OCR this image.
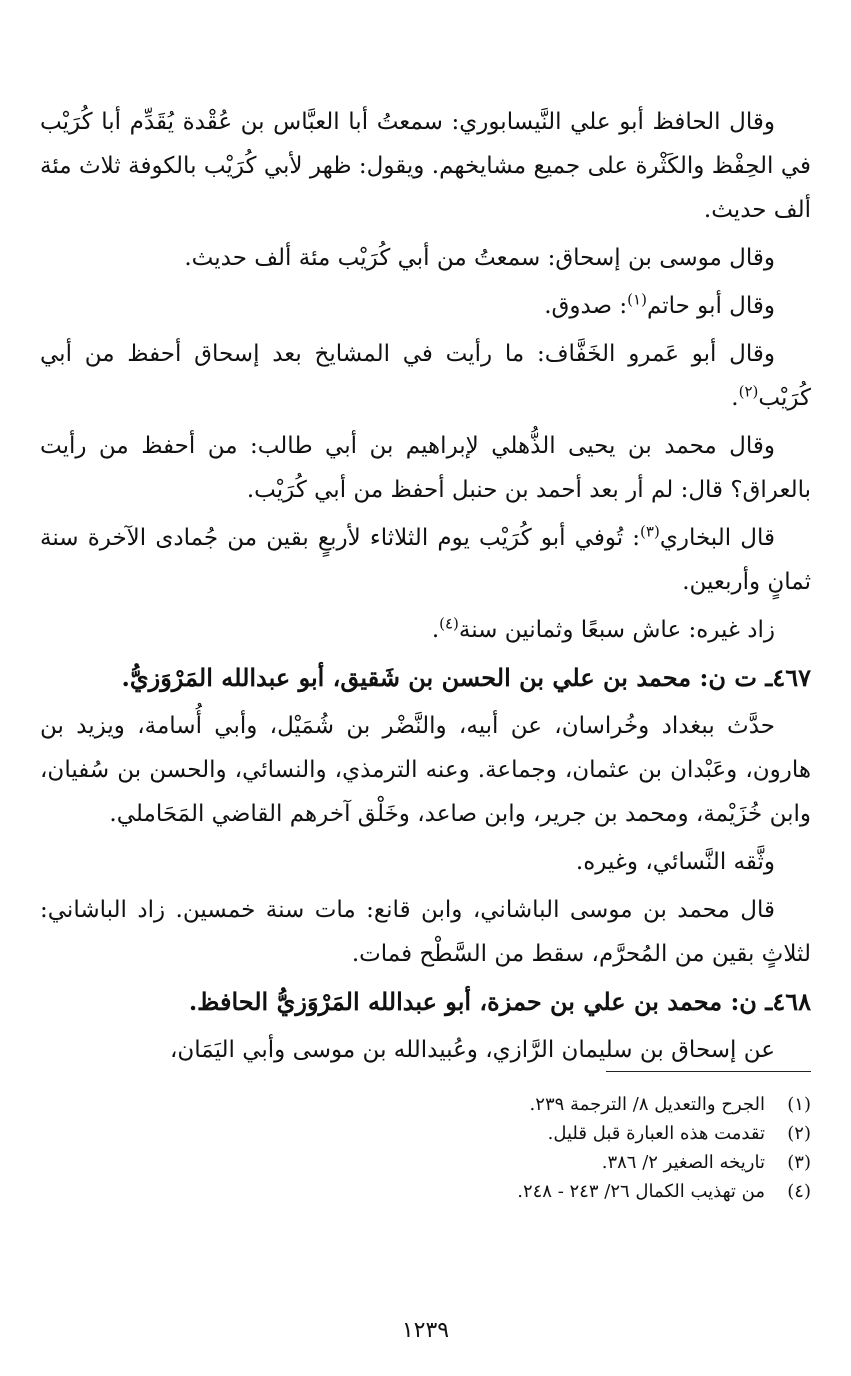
وقال الحافظ أبو علي النَّيسابوري: سمعتُ أبا العبَّاس بن عُقْدة يُقَدِّم أبا كُرَيْب في الحِفْظ والكَثْرة على جميع مشايخهم. ويقول: ظهر لأبي كُرَيْب بالكوفة ثلاث مئة ألف حديث.

وقال موسى بن إسحاق: سمعتُ من أبي كُرَيْب مئة ألف حديث.

وقال أبو حاتم$^{(١)}$: صدوق.

وقال أبو عَمرو الخَفَّاف: ما رأيت في المشايخ بعد إسحاق أحفظ من أبي كُرَيْب$^{(٢)}$.

وقال محمد بن يحيى الذُّهلي لإبراهيم بن أبي طالب: من أحفظ من رأيت بالعراق؟ قال: لم أر بعد أحمد بن حنبل أحفظ من أبي كُرَيْب.

قال البخاري$^{(٣)}$: تُوفي أبو كُرَيْب يوم الثلاثاء لأربعٍ بقين من جُمادى الآخرة سنة ثمانٍ وأربعين.

زاد غيره: عاش سبعًا وثمانين سنة$^{(٤)}$.

٤٦٧ـ ت ن: محمد بن علي بن الحسن بن شَقيق، أبو عبدالله المَرْوَزيُّ.

حدَّث ببغداد وخُراسان، عن أبيه، والنَّضْر بن شُمَيْل، وأبي أُسامة، ويزيد بن هارون، وعَبْدان بن عثمان، وجماعة. وعنه الترمذي، والنسائي، والحسن بن سُفيان، وابن خُزَيْمة، ومحمد بن جرير، وابن صاعد، وخَلْق آخرهم القاضي المَحَاملي.

وثَّقه النَّسائي، وغيره.

قال محمد بن موسى الباشاني، وابن قانع: مات سنة خمسين. زاد الباشاني: لثلاثٍ بقين من المُحرَّم، سقط من السَّطْح فمات.

٤٦٨ـ ن: محمد بن علي بن حمزة، أبو عبدالله المَرْوَزيُّ الحافظ.

عن إسحاق بن سليمان الرَّازي، وعُبيدالله بن موسى وأبي اليَمَان،

(١)
الجرح والتعديل ٨/ الترجمة ٢٣٩.
(٢)
تقدمت هذه العبارة قبل قليل.
(٣)
تاريخه الصغير ٢/ ٣٨٦.
(٤)
من تهذيب الكمال ٢٦/ ٢٤٣ - ٢٤٨.
١٢٣٩
